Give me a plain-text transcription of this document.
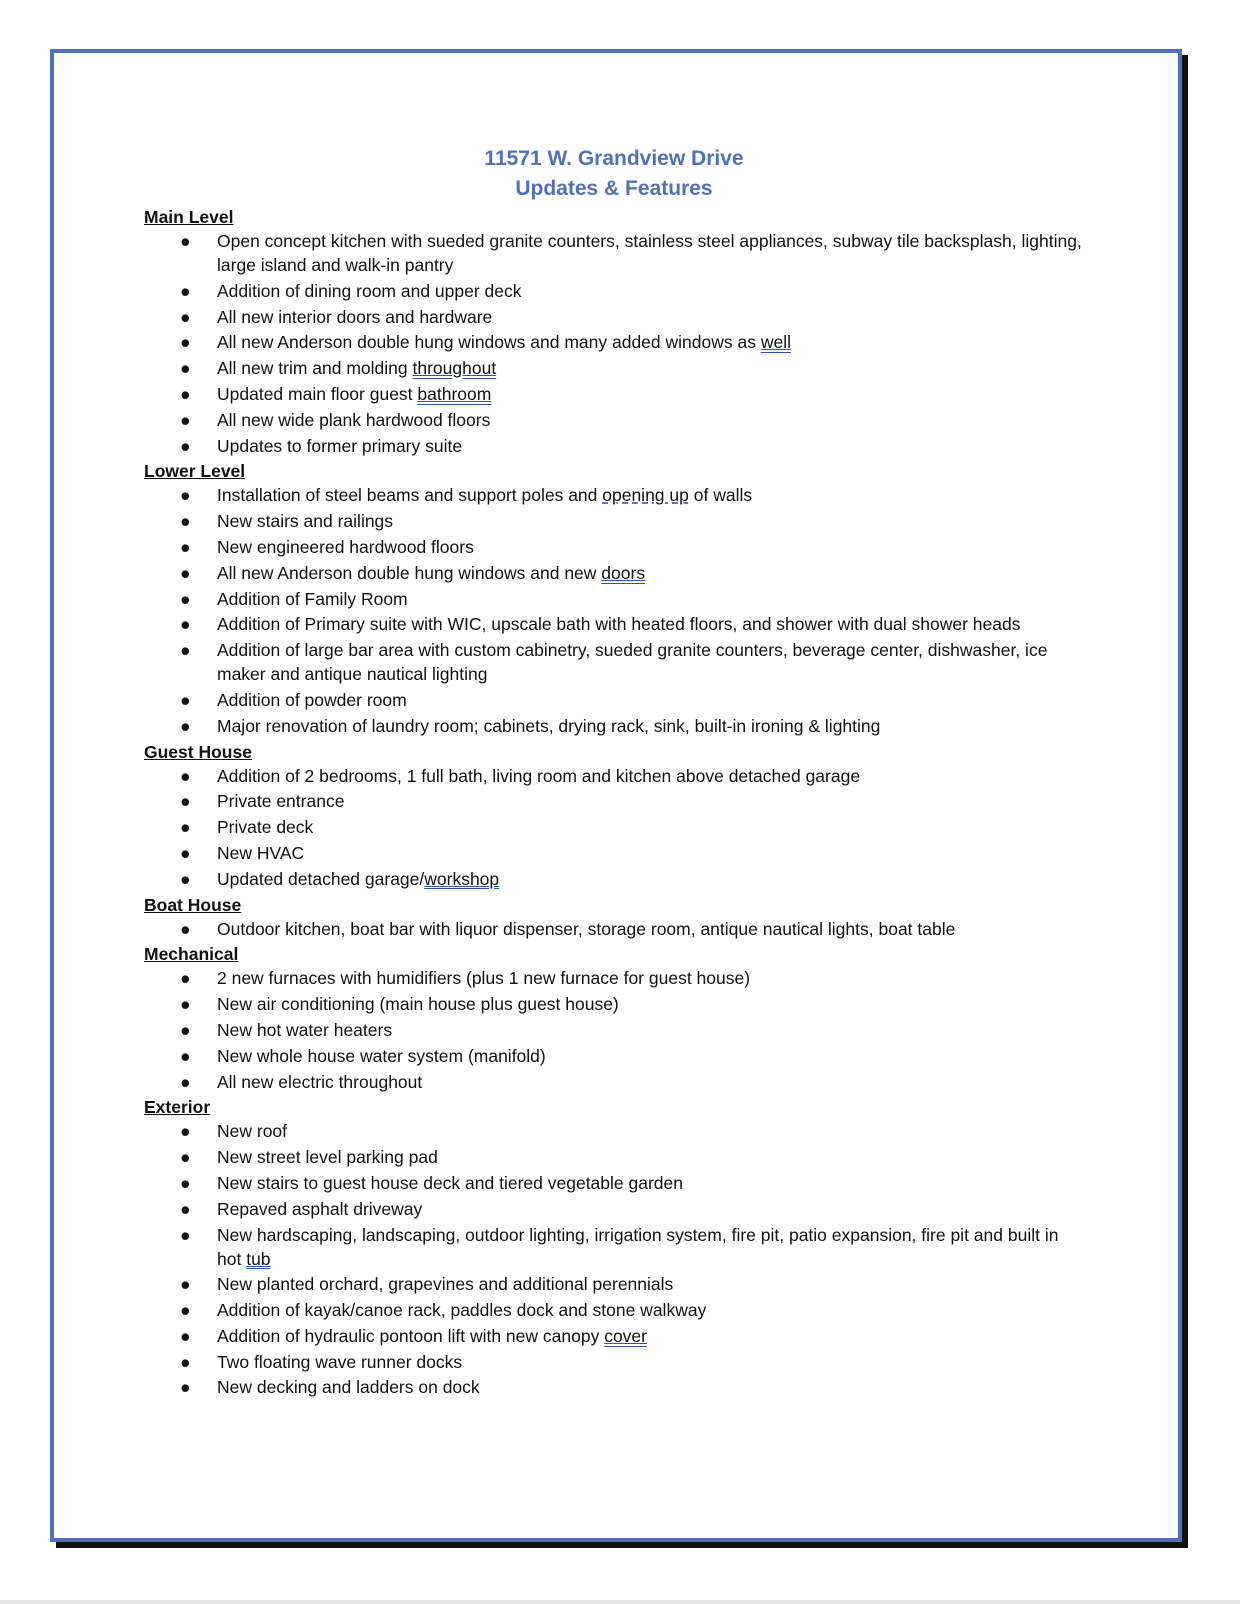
11571 W. Grandview Drive
Updates & Features
Main Level
● Open concept kitchen with sueded granite counters, stainless steel appliances, subway tile backsplash, lighting, large island and walk-in pantry
● Addition of dining room and upper deck
● All new interior doors and hardware
● All new Anderson double hung windows and many added windows as well
● All new trim and molding throughout
● Updated main floor guest bathroom
● All new wide plank hardwood floors
● Updates to former primary suite
Lower Level
● Installation of steel beams and support poles and opening up of walls
● New stairs and railings
● New engineered hardwood floors
● All new Anderson double hung windows and new doors
● Addition of Family Room
● Addition of Primary suite with WIC, upscale bath with heated floors, and shower with dual shower heads
● Addition of large bar area with custom cabinetry, sueded granite counters, beverage center, dishwasher, ice maker and antique nautical lighting
● Addition of powder room
● Major renovation of laundry room; cabinets, drying rack, sink, built-in ironing & lighting
Guest House
● Addition of 2 bedrooms, 1 full bath, living room and kitchen above detached garage
● Private entrance
● Private deck
● New HVAC
● Updated detached garage/workshop
Boat House
● Outdoor kitchen, boat bar with liquor dispenser, storage room, antique nautical lights, boat table
Mechanical
● 2 new furnaces with humidifiers (plus 1 new furnace for guest house)
● New air conditioning (main house plus guest house)
● New hot water heaters
● New whole house water system (manifold)
● All new electric throughout
Exterior
● New roof
● New street level parking pad
● New stairs to guest house deck and tiered vegetable garden
● Repaved asphalt driveway
● New hardscaping, landscaping, outdoor lighting, irrigation system, fire pit, patio expansion, fire pit and built in hot tub
● New planted orchard, grapevines and additional perennials
● Addition of kayak/canoe rack, paddles dock and stone walkway
● Addition of hydraulic pontoon lift with new canopy cover
● Two floating wave runner docks
● New decking and ladders on dock
